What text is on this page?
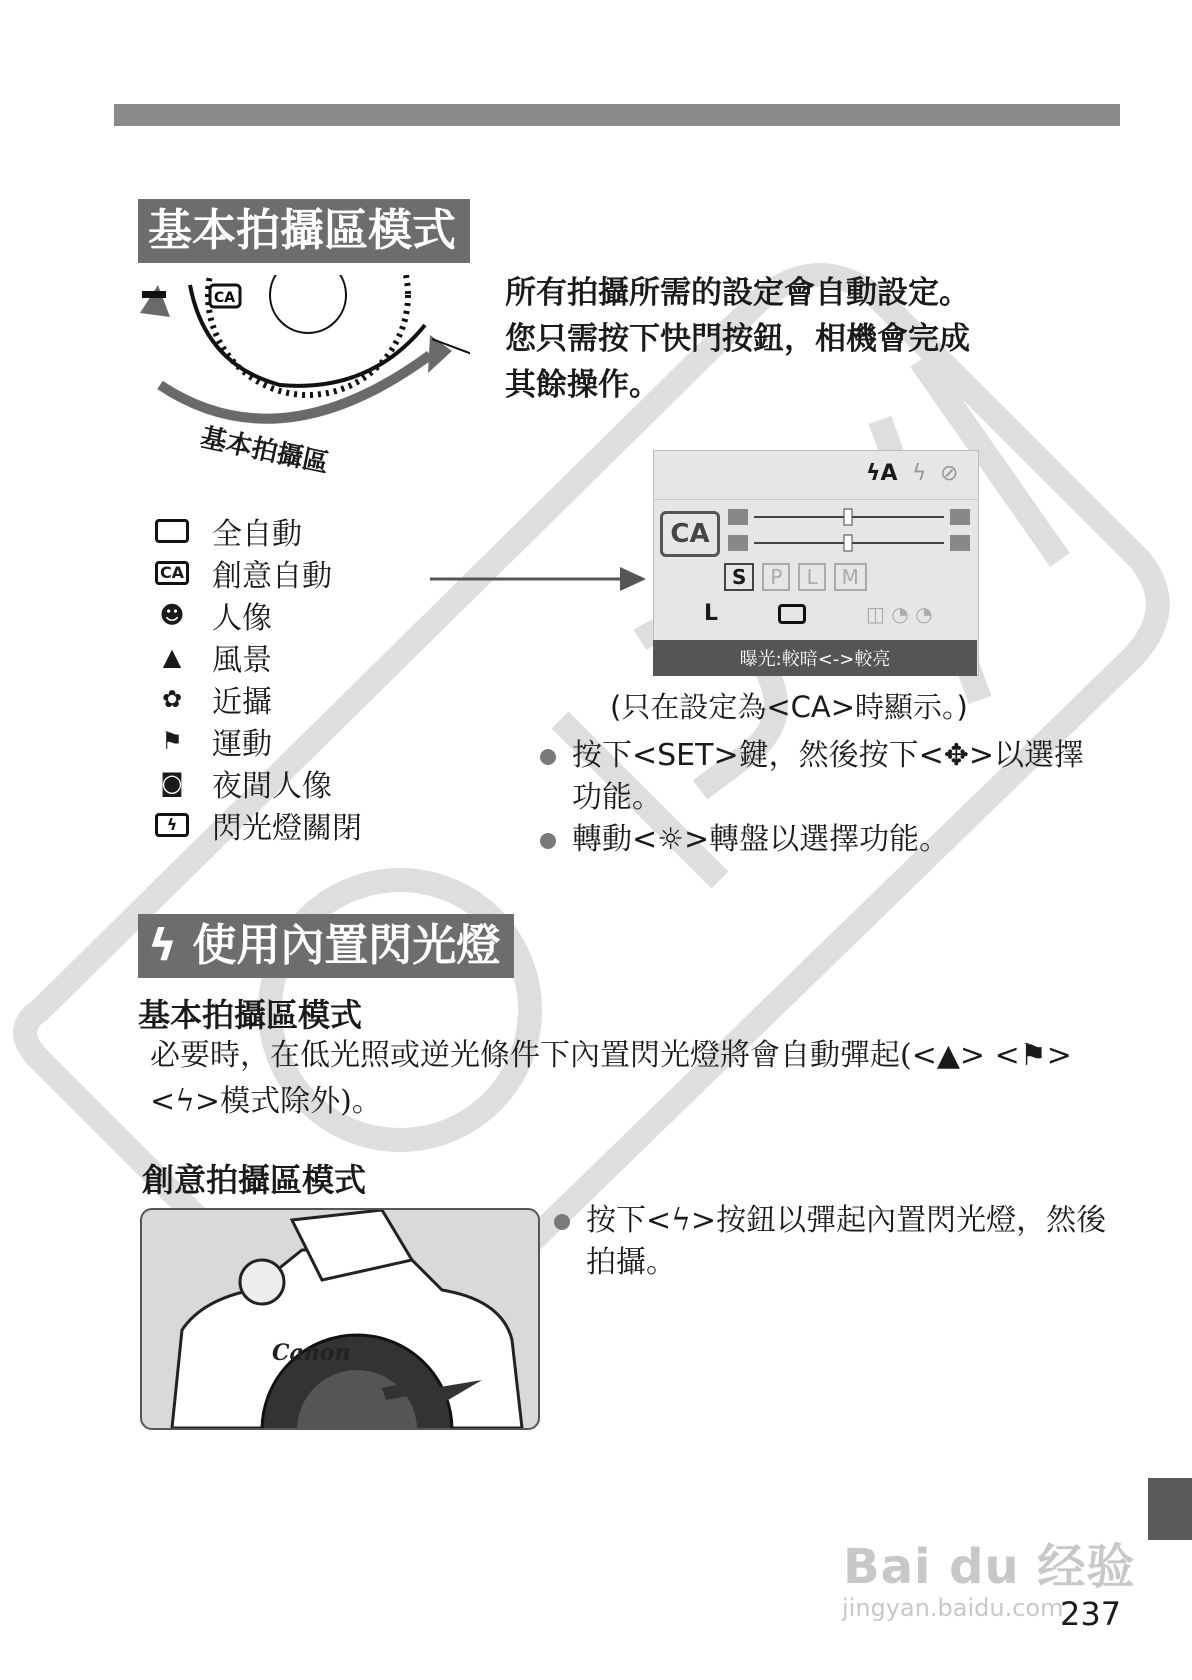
基本拍攝區模式
CA
基本拍攝區
所有拍攝所需的設定會自動設定。
您只需按下快門按鈕，相機會完成
其餘操作。
全自動
CA 創意自動
☻ 人像
▲	風景
✿ 近攝
⚑ 運動
◙ 夜間人像
ϟ	閃光燈關閉
ϟA ϟ ⊘
CA
S	P	L	M
L	◫ ◔ ◔
曝光:較暗<->較亮
(只在設定為<CA>時顯示。)
按下<SET>鍵，然後按下<✥>以選擇功能。
轉動<☼>轉盤以選擇功能。
ϟ 使用內置閃光燈
基本拍攝區模式
必要時，在低光照或逆光條件下內置閃光燈將會自動彈起(<▲> <⚑> <ϟ>模式除外)。
創意拍攝區模式
Canon
按下<ϟ>按鈕以彈起內置閃光燈，然後拍攝。
Bai du 经验
jingyan.baidu.com
237
